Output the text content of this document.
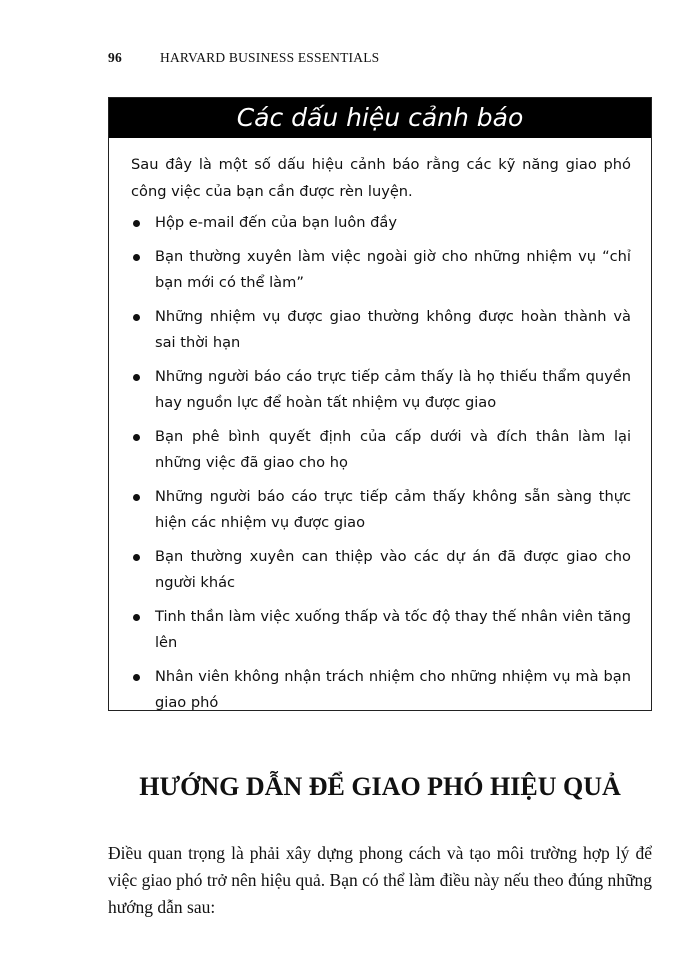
96	HARVARD BUSINESS ESSENTIALS
Các dấu hiệu cảnh báo

Sau đây là một số dấu hiệu cảnh báo rằng các kỹ năng giao phó công việc của bạn cần được rèn luyện.

Hộp e-mail đến của bạn luôn đầy
Bạn thường xuyên làm việc ngoài giờ cho những nhiệm vụ “chỉ bạn mới có thể làm”
Những nhiệm vụ được giao thường không được hoàn thành và sai thời hạn
Những người báo cáo trực tiếp cảm thấy là họ thiếu thẩm quyền hay nguồn lực để hoàn tất nhiệm vụ được giao
Bạn phê bình quyết định của cấp dưới và đích thân làm lại những việc đã giao cho họ
Những người báo cáo trực tiếp cảm thấy không sẵn sàng thực hiện các nhiệm vụ được giao
Bạn thường xuyên can thiệp vào các dự án đã được giao cho người khác
Tinh thần làm việc xuống thấp và tốc độ thay thế nhân viên tăng lên
Nhân viên không nhận trách nhiệm cho những nhiệm vụ mà bạn giao phó
HƯỚNG DẪN ĐỂ GIAO PHÓ HIỆU QUẢ

Điều quan trọng là phải xây dựng phong cách và tạo môi trường hợp lý để việc giao phó trở nên hiệu quả. Bạn có thể làm điều này nếu theo đúng những hướng dẫn sau:
